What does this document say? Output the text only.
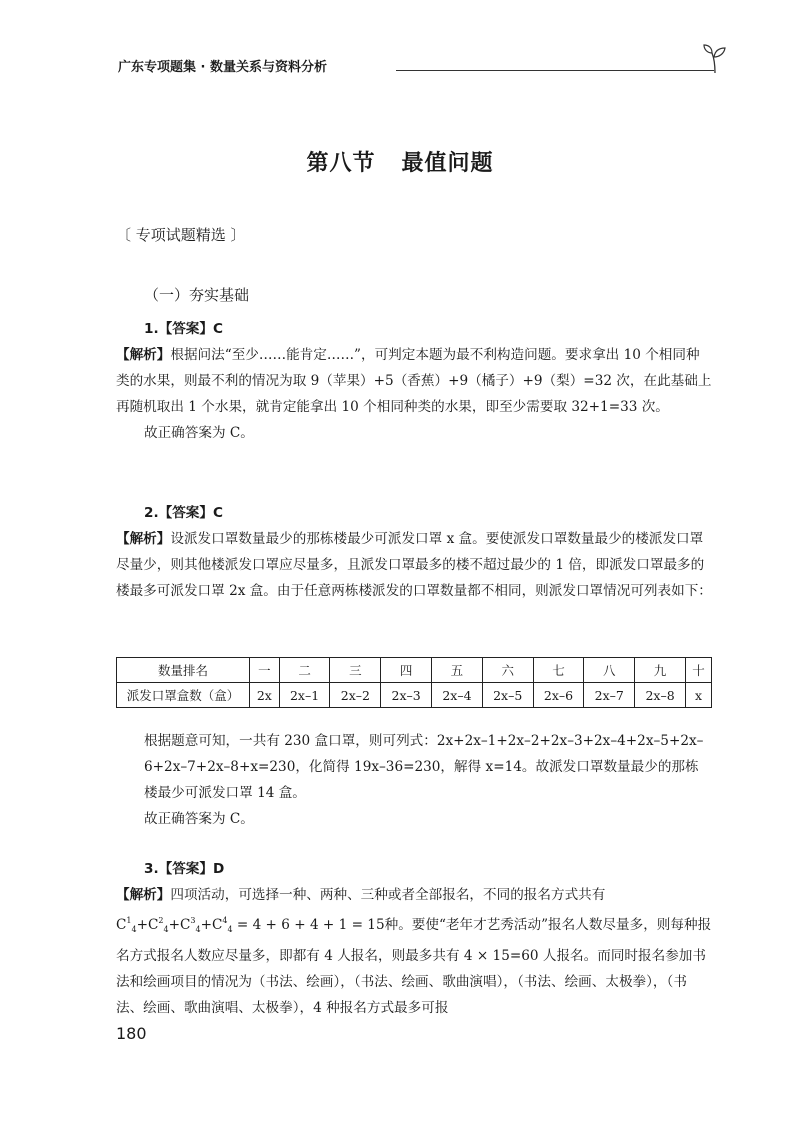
广东专项题集 · 数量关系与资料分析
第八节 最值问题
〔 专项试题精选 〕
（一）夯实基础
1.【答案】C
【解析】根据问法“至少……能肯定……”，可判定本题为最不利构造问题。要求拿出 10 个相同种类的水果，则最不利的情况为取 9（苹果）+5（香蕉）+9（橘子）+9（梨）=32 次，在此基础上再随机取出 1 个水果，就肯定能拿出 10 个相同种类的水果，即至少需要取 32+1=33 次。
故正确答案为 C。
2.【答案】C
【解析】设派发口罩数量最少的那栋楼最少可派发口罩 x 盒。要使派发口罩数量最少的楼派发口罩尽量少，则其他楼派发口罩应尽量多，且派发口罩最多的楼不超过最少的 1 倍，即派发口罩最多的楼最多可派发口罩 2x 盒。由于任意两栋楼派发的口罩数量都不相同，则派发口罩情况可列表如下：
数量排名	一	二	三	四	五	六	七	八	九	十
派发口罩盒数（盒）	2x	2x–1	2x–2	2x–3	2x–4	2x–5	2x–6	2x–7	2x–8	x
根据题意可知，一共有 230 盒口罩，则可列式：2x+2x–1+2x–2+2x–3+2x–4+2x–5+2x–6+2x–7+2x–8+x=230，化简得 19x–36=230，解得 x=14。故派发口罩数量最少的那栋楼最少可派发口罩 14 盒。
故正确答案为 C。
3.【答案】D
【解析】四项活动，可选择一种、两种、三种或者全部报名，不同的报名方式共有 $C^1_4+C^2_4+C^3_4+C^4_4 = 4 + 6 + 4 + 1 = 15$种。要使“老年才艺秀活动”报名人数尽量多，则每种报名方式报名人数应尽量多，即都有 4 人报名，则最多共有 4 × 15=60 人报名。而同时报名参加书法和绘画项目的情况为（书法、绘画），（书法、绘画、歌曲演唱），（书法、绘画、太极拳），（书法、绘画、歌曲演唱、太极拳），4 种报名方式最多可报
180
